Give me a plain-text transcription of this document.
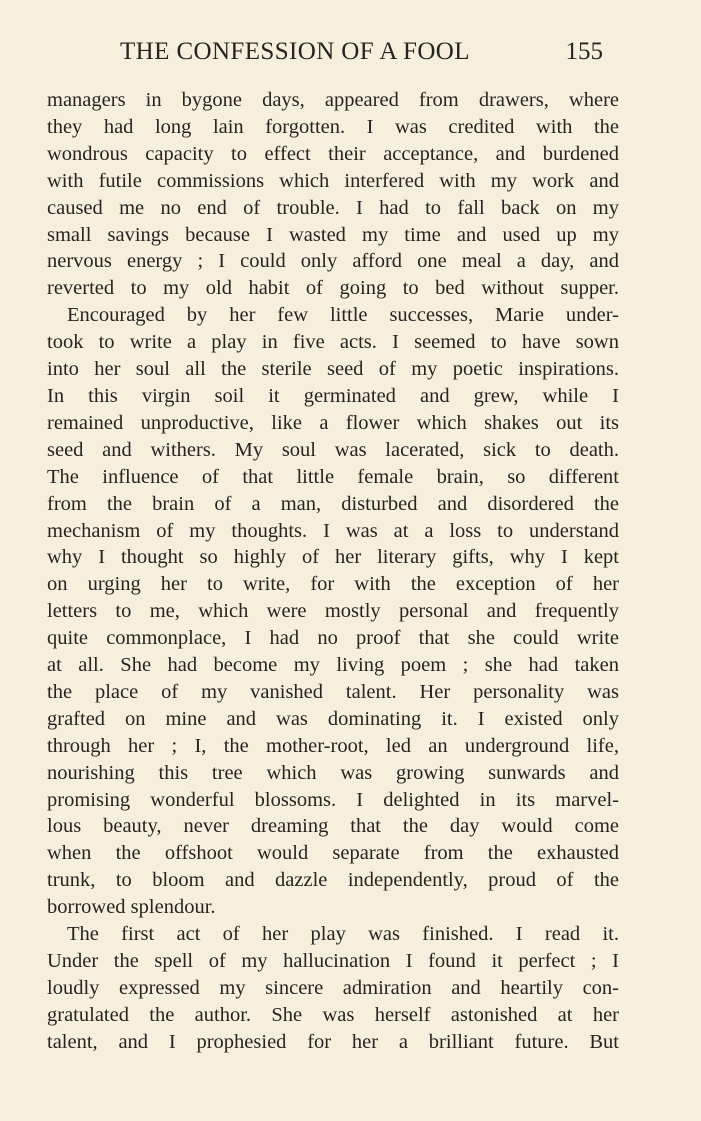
THE CONFESSION OF A FOOL	155
managers in bygone days, appeared from drawers, where
they had long lain forgotten. I was credited with the
wondrous capacity to effect their acceptance, and burdened
with futile commissions which interfered with my work and
caused me no end of trouble. I had to fall back on my
small savings because I wasted my time and used up my
nervous energy ; I could only afford one meal a day, and
reverted to my old habit of going to bed without supper.
Encouraged by her few little successes, Marie under-
took to write a play in five acts. I seemed to have sown
into her soul all the sterile seed of my poetic inspirations.
In this virgin soil it germinated and grew, while I
remained unproductive, like a flower which shakes out its
seed and withers. My soul was lacerated, sick to death.
The influence of that little female brain, so different
from the brain of a man, disturbed and disordered the
mechanism of my thoughts. I was at a loss to understand
why I thought so highly of her literary gifts, why I kept
on urging her to write, for with the exception of her
letters to me, which were mostly personal and frequently
quite commonplace, I had no proof that she could write
at all. She had become my living poem ; she had taken
the place of my vanished talent. Her personality was
grafted on mine and was dominating it. I existed only
through her ; I, the mother-root, led an underground life,
nourishing this tree which was growing sunwards and
promising wonderful blossoms. I delighted in its marvel-
lous beauty, never dreaming that the day would come
when the offshoot would separate from the exhausted
trunk, to bloom and dazzle independently, proud of the
borrowed splendour.
The first act of her play was finished. I read it.
Under the spell of my hallucination I found it perfect ; I
loudly expressed my sincere admiration and heartily con-
gratulated the author. She was herself astonished at her
talent, and I prophesied for her a brilliant future. But
